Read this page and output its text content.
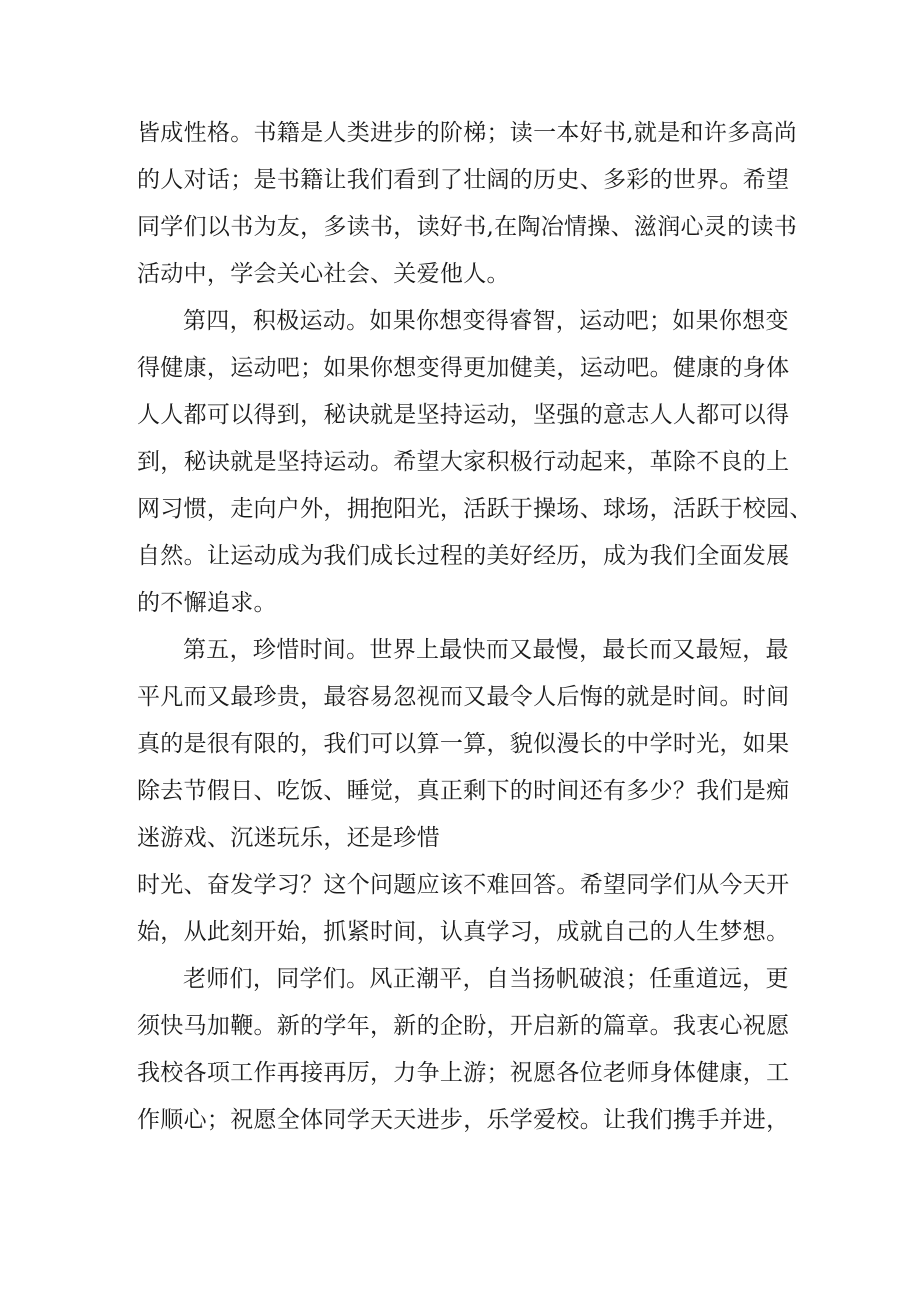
皆成性格。书籍是人类进步的阶梯；读一本好书,就是和许多高尚
的人对话；是书籍让我们看到了壮阔的历史、多彩的世界。希望
同学们以书为友，多读书，读好书,在陶冶情操、滋润心灵的读书
活动中，学会关心社会、关爱他人。
第四，积极运动。如果你想变得睿智，运动吧；如果你想变
得健康，运动吧；如果你想变得更加健美，运动吧。健康的身体
人人都可以得到，秘诀就是坚持运动，坚强的意志人人都可以得
到，秘诀就是坚持运动。希望大家积极行动起来，革除不良的上
网习惯，走向户外，拥抱阳光，活跃于操场、球场，活跃于校园、
自然。让运动成为我们成长过程的美好经历，成为我们全面发展
的不懈追求。
第五，珍惜时间。世界上最快而又最慢，最长而又最短，最
平凡而又最珍贵，最容易忽视而又最令人后悔的就是时间。时间
真的是很有限的，我们可以算一算，貌似漫长的中学时光，如果
除去节假日、吃饭、睡觉，真正剩下的时间还有多少？我们是痴
迷游戏、沉迷玩乐，还是珍惜
时光、奋发学习？这个问题应该不难回答。希望同学们从今天开
始，从此刻开始，抓紧时间，认真学习，成就自己的人生梦想。
老师们，同学们。风正潮平，自当扬帆破浪；任重道远，更
须快马加鞭。新的学年，新的企盼，开启新的篇章。我衷心祝愿
我校各项工作再接再厉，力争上游；祝愿各位老师身体健康，工
作顺心；祝愿全体同学天天进步，乐学爱校。让我们携手并进，
